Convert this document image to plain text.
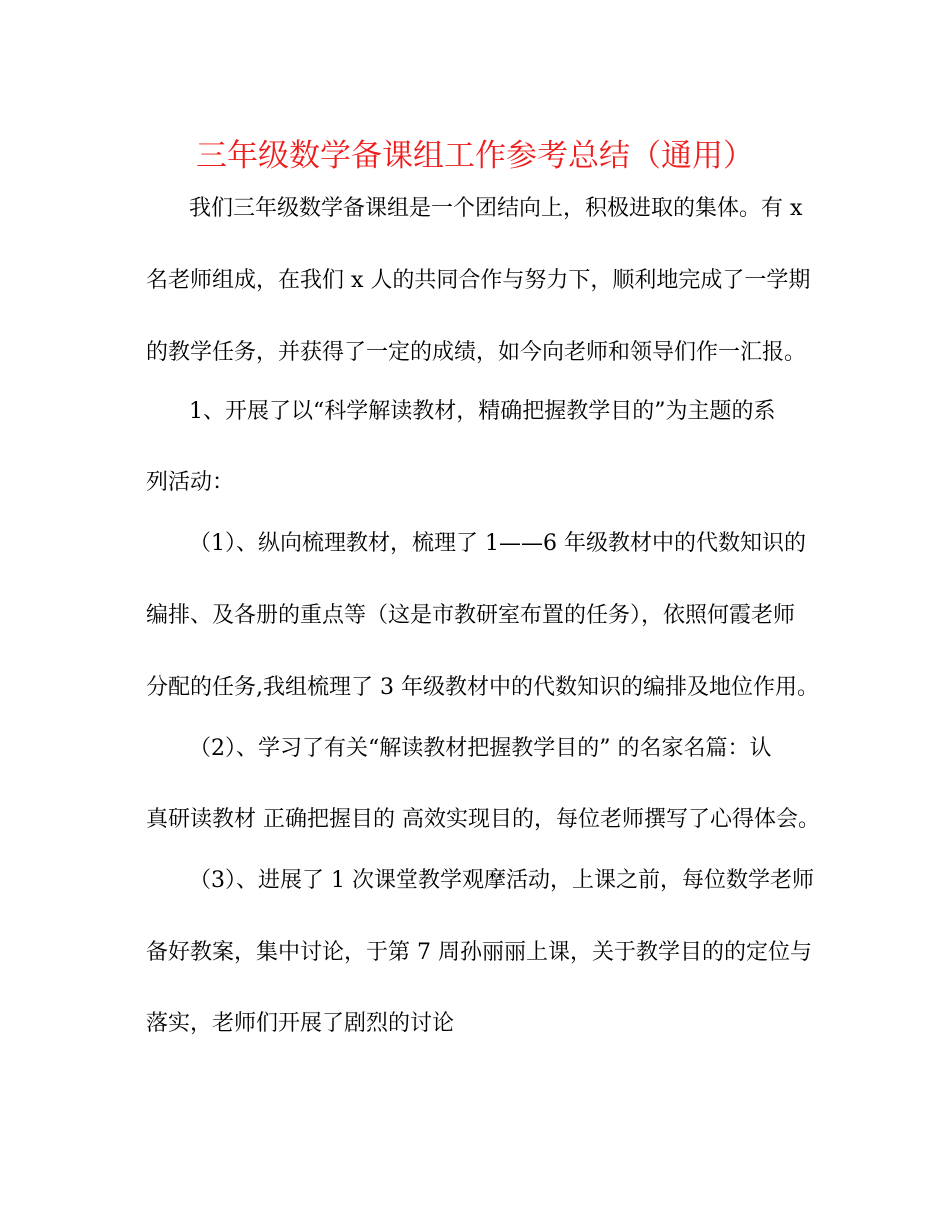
三年级数学备课组工作参考总结（通用）
我们三年级数学备课组是一个团结向上，积极进取的集体。有 x
名老师组成，在我们 x 人的共同合作与努力下，顺利地完成了一学期
的教学任务，并获得了一定的成绩，如今向老师和领导们作一汇报。
1、开展了以“科学解读教材，精确把握教学目的”为主题的系
列活动：
（1）、纵向梳理教材，梳理了 1——6 年级教材中的代数知识的
编排、及各册的重点等（这是市教研室布置的任务），依照何霞老师
分配的任务,我组梳理了 3 年级教材中的代数知识的编排及地位作用。
（2）、学习了有关“解读教材把握教学目的” 的名家名篇：认
真研读教材 正确把握目的 高效实现目的，每位老师撰写了心得体会。
（3）、进展了 1 次课堂教学观摩活动，上课之前，每位数学老师
备好教案，集中讨论，于第 7 周孙丽丽上课，关于教学目的的定位与
落实，老师们开展了剧烈的讨论
